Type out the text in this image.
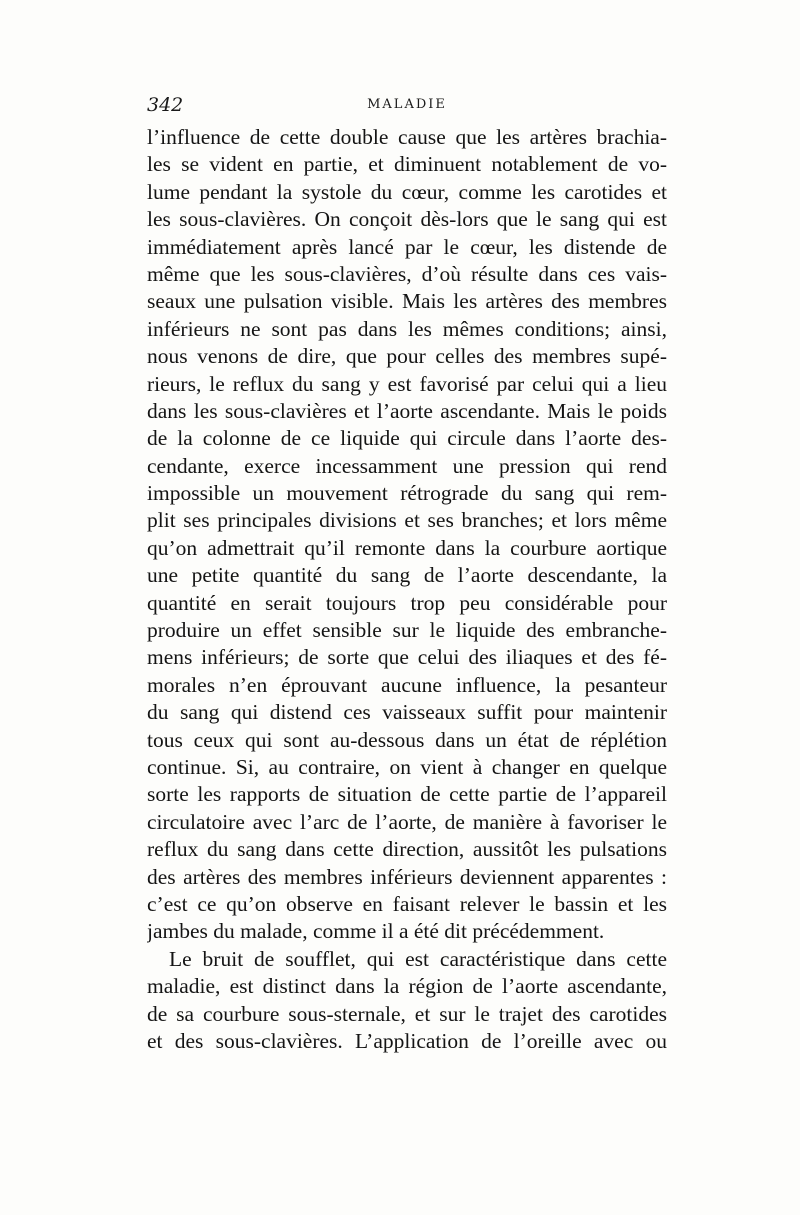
342	MALADIE
l’influence de cette double cause que les artères brachia-
les se vident en partie, et diminuent notablement de vo-
lume pendant la systole du cœur, comme les carotides et
les sous-clavières. On conçoit dès-lors que le sang qui est
immédiatement après lancé par le cœur, les distende de
même que les sous-clavières, d’où résulte dans ces vais-
seaux une pulsation visible. Mais les artères des membres
inférieurs ne sont pas dans les mêmes conditions; ainsi,
nous venons de dire, que pour celles des membres supé-
rieurs, le reflux du sang y est favorisé par celui qui a lieu
dans les sous-clavières et l’aorte ascendante. Mais le poids
de la colonne de ce liquide qui circule dans l’aorte des-
cendante, exerce incessamment une pression qui rend
impossible un mouvement rétrograde du sang qui rem-
plit ses principales divisions et ses branches; et lors même
qu’on admettrait qu’il remonte dans la courbure aortique
une petite quantité du sang de l’aorte descendante, la
quantité en serait toujours trop peu considérable pour
produire un effet sensible sur le liquide des embranche-
mens inférieurs; de sorte que celui des iliaques et des fé-
morales n’en éprouvant aucune influence, la pesanteur
du sang qui distend ces vaisseaux suffit pour maintenir
tous ceux qui sont au-dessous dans un état de réplétion
continue. Si, au contraire, on vient à changer en quelque
sorte les rapports de situation de cette partie de l’appareil
circulatoire avec l’arc de l’aorte, de manière à favoriser le
reflux du sang dans cette direction, aussitôt les pulsations
des artères des membres inférieurs deviennent apparentes :
c’est ce qu’on observe en faisant relever le bassin et les
jambes du malade, comme il a été dit précédemment.
Le bruit de soufflet, qui est caractéristique dans cette
maladie, est distinct dans la région de l’aorte ascendante,
de sa courbure sous-sternale, et sur le trajet des carotides
et des sous-clavières. L’application de l’oreille avec ou
